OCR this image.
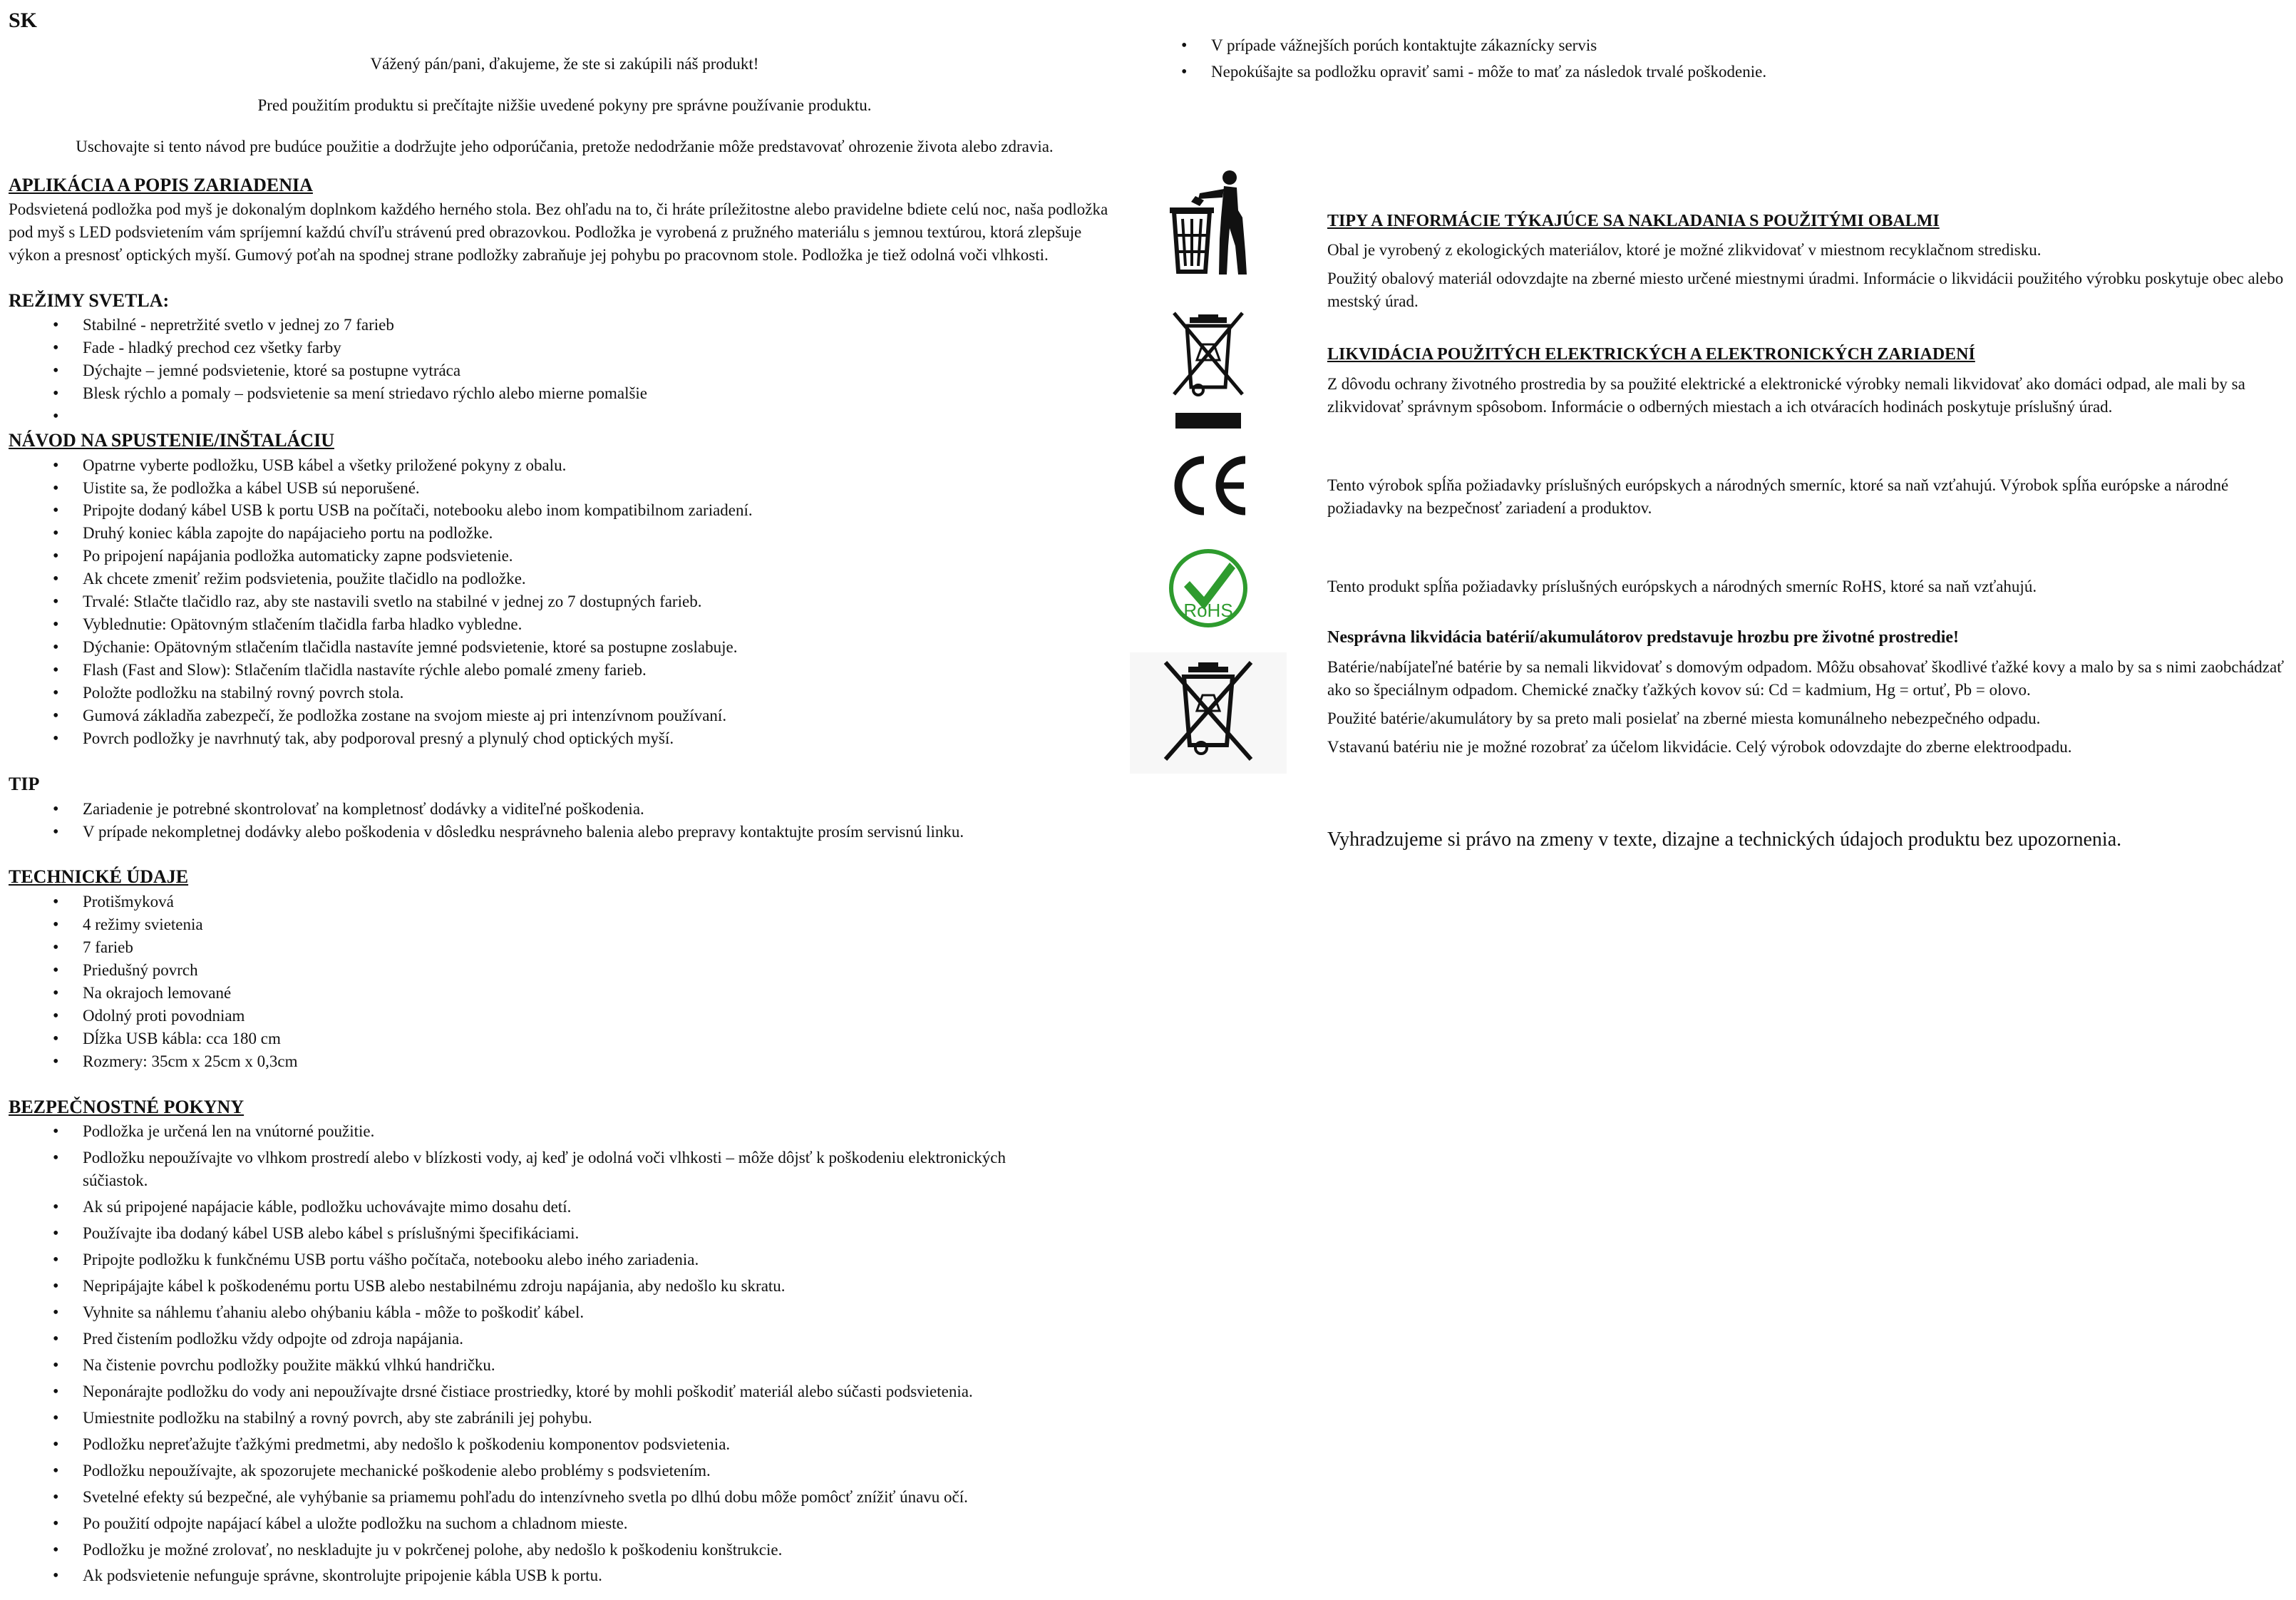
SK

Vážený pán/pani, ďakujeme, že ste si zakúpili náš produkt!

Pred použitím produktu si prečítajte nižšie uvedené pokyny pre správne používanie produktu.

Uschovajte si tento návod pre budúce použitie a dodržujte jeho odporúčania, pretože nedodržanie môže predstavovať ohrozenie života alebo zdravia.

APLIKÁCIA A POPIS ZARIADENIA

Podsvietená podložka pod myš je dokonalým doplnkom každého herného stola. Bez ohľadu na to, či hráte príležitostne alebo pravidelne bdiete celú noc, naša podložka pod myš s LED podsvietením vám spríjemní každú chvíľu strávenú pred obrazovkou. Podložka je vyrobená z pružného materiálu s jemnou textúrou, ktorá zlepšuje výkon a presnosť optických myší. Gumový poťah na spodnej strane podložky zabraňuje jej pohybu po pracovnom stole. Podložka je tiež odolná voči vlhkosti.

REŽIMY SVETLA:

• Stabilné - nepretržité svetlo v jednej zo 7 farieb
• Fade - hladký prechod cez všetky farby
• Dýchajte – jemné podsvietenie, ktoré sa postupne vytráca
• Blesk rýchlo a pomaly – podsvietenie sa mení striedavo rýchlo alebo mierne pomalšie
•
NÁVOD NA SPUSTENIE/INŠTALÁCIU
• Opatrne vyberte podložku, USB kábel a všetky priložené pokyny z obalu.
• Uistite sa, že podložka a kábel USB sú neporušené.
• Pripojte dodaný kábel USB k portu USB na počítači, notebooku alebo inom kompatibilnom zariadení.
• Druhý koniec kábla zapojte do napájacieho portu na podložke.
• Po pripojení napájania podložka automaticky zapne podsvietenie.
• Ak chcete zmeniť režim podsvietenia, použite tlačidlo na podložke.
• Trvalé: Stlačte tlačidlo raz, aby ste nastavili svetlo na stabilné v jednej zo 7 dostupných farieb.
• Vyblednutie: Opätovným stlačením tlačidla farba hladko vybledne.
• Dýchanie: Opätovným stlačením tlačidla nastavíte jemné podsvietenie, ktoré sa postupne zoslabuje.
• Flash (Fast and Slow): Stlačením tlačidla nastavíte rýchle alebo pomalé zmeny farieb.
• Položte podložku na stabilný rovný povrch stola.
• Gumová základňa zabezpečí, že podložka zostane na svojom mieste aj pri intenzívnom používaní.
• Povrch podložky je navrhnutý tak, aby podporoval presný a plynulý chod optických myší.

TIP

• Zariadenie je potrebné skontrolovať na kompletnosť dodávky a viditeľné poškodenia.
• V prípade nekompletnej dodávky alebo poškodenia v dôsledku nesprávneho balenia alebo prepravy kontaktujte prosím servisnú linku.
TECHNICKÉ ÚDAJE
• Protišmyková
• 4 režimy svietenia
• 7 farieb
• Priedušný povrch
• Na okrajoch lemované
• Odolný proti povodniam
• Dĺžka USB kábla: cca 180 cm
• Rozmery: 35cm x 25cm x 0,3cm
BEZPEČNOSTNÉ POKYNY
• Podložka je určená len na vnútorné použitie.
• Podložku nepoužívajte vo vlhkom prostredí alebo v blízkosti vody, aj keď je odolná voči vlhkosti – môže dôjsť k poškodeniu elektronických súčiastok.
• Ak sú pripojené napájacie káble, podložku uchovávajte mimo dosahu detí.
• Používajte iba dodaný kábel USB alebo kábel s príslušnými špecifikáciami.
• Pripojte podložku k funkčnému USB portu vášho počítača, notebooku alebo iného zariadenia.
• Nepripájajte kábel k poškodenému portu USB alebo nestabilnému zdroju napájania, aby nedošlo ku skratu.
• Vyhnite sa náhlemu ťahaniu alebo ohýbaniu kábla - môže to poškodiť kábel.
• Pred čistením podložku vždy odpojte od zdroja napájania.
• Na čistenie povrchu podložky použite mäkkú vlhkú handričku.
• Neponárajte podložku do vody ani nepoužívajte drsné čistiace prostriedky, ktoré by mohli poškodiť materiál alebo súčasti podsvietenia.
• Umiestnite podložku na stabilný a rovný povrch, aby ste zabránili jej pohybu.
• Podložku nepreťažujte ťažkými predmetmi, aby nedošlo k poškodeniu komponentov podsvietenia.
• Podložku nepoužívajte, ak spozorujete mechanické poškodenie alebo problémy s podsvietením.
• Svetelné efekty sú bezpečné, ale vyhýbanie sa priamemu pohľadu do intenzívneho svetla po dlhú dobu môže pomôcť znížiť únavu očí.
• Po použití odpojte napájací kábel a uložte podložku na suchom a chladnom mieste.
• Podložku je možné zrolovať, no neskladujte ju v pokrčenej polohe, aby nedošlo k poškodeniu konštrukcie.
• Ak podsvietenie nefunguje správne, skontrolujte pripojenie kábla USB k portu.
• V prípade vážnejších porúch kontaktujte zákaznícky servis
• Nepokúšajte sa podložku opraviť sami - môže to mať za následok trvalé poškodenie.
RoHS

TIPY A INFORMÁCIE TÝKAJÚCE SA NAKLADANIA S POUŽITÝMI OBALMI

Obal je vyrobený z ekologických materiálov, ktoré je možné zlikvidovať v miestnom recyklačnom stredisku.

Použitý obalový materiál odovzdajte na zberné miesto určené miestnymi úradmi. Informácie o likvidácii použitého výrobku poskytuje obec alebo mestský úrad.

LIKVIDÁCIA POUŽITÝCH ELEKTRICKÝCH A ELEKTRONICKÝCH ZARIADENÍ

Z dôvodu ochrany životného prostredia by sa použité elektrické a elektronické výrobky nemali likvidovať ako domáci odpad, ale mali by sa zlikvidovať správnym spôsobom. Informácie o odberných miestach a ich otváracích hodinách poskytuje príslušný úrad.

Tento výrobok spĺňa požiadavky príslušných európskych a národných smerníc, ktoré sa naň vzťahujú. Výrobok spĺňa európske a národné požiadavky na bezpečnosť zariadení a produktov.

Tento produkt spĺňa požiadavky príslušných európskych a národných smerníc RoHS, ktoré sa naň vzťahujú.

Nesprávna likvidácia batérií/akumulátorov predstavuje hrozbu pre životné prostredie!

Batérie/nabíjateľné batérie by sa nemali likvidovať s domovým odpadom. Môžu obsahovať škodlivé ťažké kovy a malo by sa s nimi zaobchádzať ako so špeciálnym odpadom. Chemické značky ťažkých kovov sú: Cd = kadmium, Hg = ortuť, Pb = olovo.

Použité batérie/akumulátory by sa preto mali posielať na zberné miesta komunálneho nebezpečného odpadu.

Vstavanú batériu nie je možné rozobrať za účelom likvidácie. Celý výrobok odovzdajte do zberne elektroodpadu.

Vyhradzujeme si právo na zmeny v texte, dizajne a technických údajoch produktu bez upozornenia.
